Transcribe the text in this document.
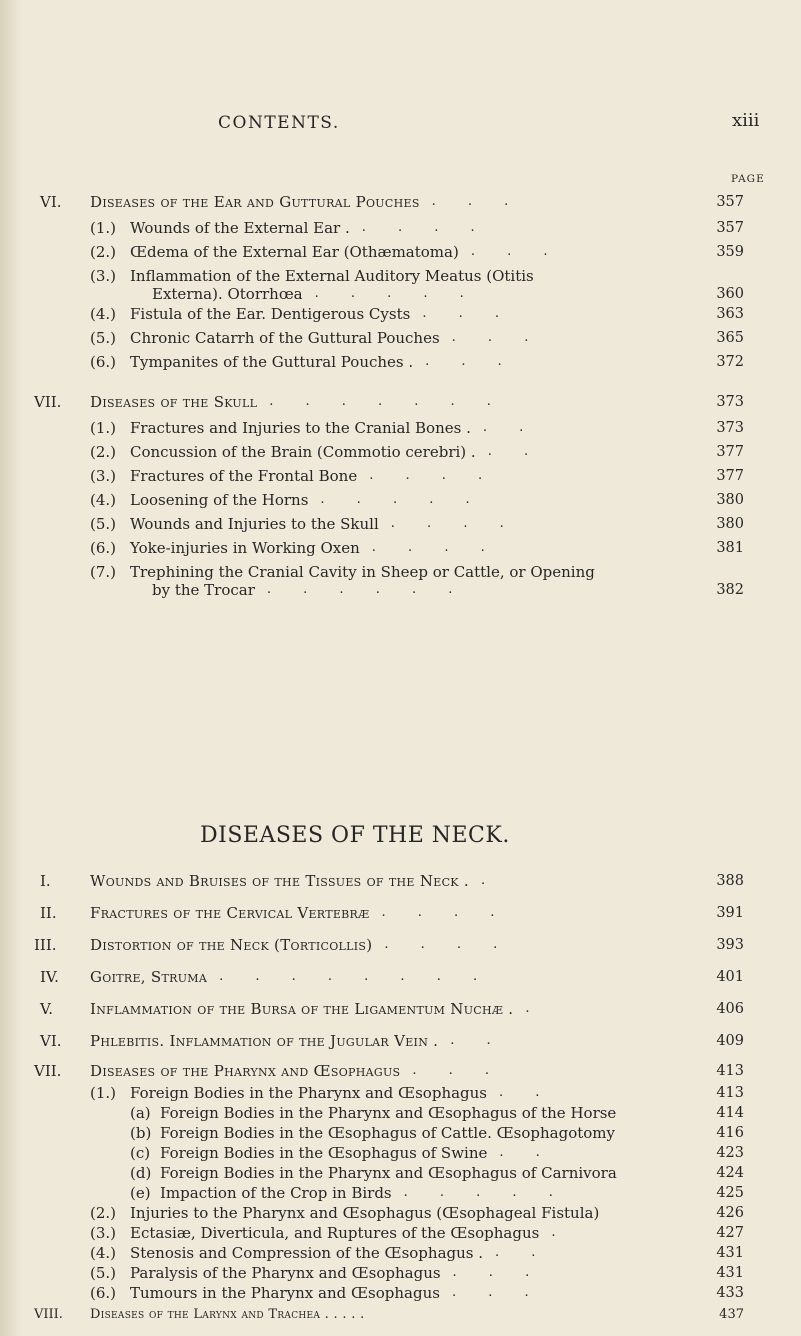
CONTENTS.	xiii
PAGE
DISEASES OF THE NECK.
VI. Diseases of the Ear and Guttural Pouches . . .	357
(1.) Wounds of the External Ear . . . . .	357
(2.) Œdema of the External Ear (Othæmatoma) . . .	359
(3.) Inflammation of the External Auditory Meatus (Otitis
Externa). Otorrhœa . . . . .	360
(4.) Fistula of the Ear. Dentigerous Cysts . . .	363
(5.) Chronic Catarrh of the Guttural Pouches . . .	365
(6.) Tympanites of the Guttural Pouches . . . .	372
VII. Diseases of the Skull . . . . . . .	373
(1.) Fractures and Injuries to the Cranial Bones . . .	373
(2.) Concussion of the Brain (Commotio cerebri) . . .	377
(3.) Fractures of the Frontal Bone . . . .	377
(4.) Loosening of the Horns . . . . .	380
(5.) Wounds and Injuries to the Skull . . . .	380
(6.) Yoke-injuries in Working Oxen . . . .	381
(7.) Trephining the Cranial Cavity in Sheep or Cattle, or Opening
by the Trocar . . . . . .	382
I.	Wounds and Bruises of the Tissues of the Neck . .	388
II. Fractures of the Cervical Vertebræ . . . .	391
III. Distortion of the Neck (Torticollis) . . . .	393
IV. Goitre, Struma . . . . . . . .	401
V. Inflammation of the Bursa of the Ligamentum Nuchæ . .	406
VI. Phlebitis. Inflammation of the Jugular Vein . . .	409
VII. Diseases of the Pharynx and Œsophagus . . .	413
(1.) Foreign Bodies in the Pharynx and Œsophagus . .	413
(a) Foreign Bodies in the Pharynx and Œsophagus of the Horse	414
(b) Foreign Bodies in the Œsophagus of Cattle. Œsophagotomy	416
(c) Foreign Bodies in the Œsophagus of Swine . .	423
(d) Foreign Bodies in the Pharynx and Œsophagus of Carnivora	424
(e) Impaction of the Crop in Birds . . . . .	425
(2.) Injuries to the Pharynx and Œsophagus (Œsophageal Fistula)	426
(3.) Ectasiæ, Diverticula, and Ruptures of the Œsophagus .	427
(4.) Stenosis and Compression of the Œsophagus . . .	431
(5.) Paralysis of the Pharynx and Œsophagus . . .	431
(6.) Tumours in the Pharynx and Œsophagus . . .	433
VIII. Diseases of the Larynx and Trachea . . . . .	437
